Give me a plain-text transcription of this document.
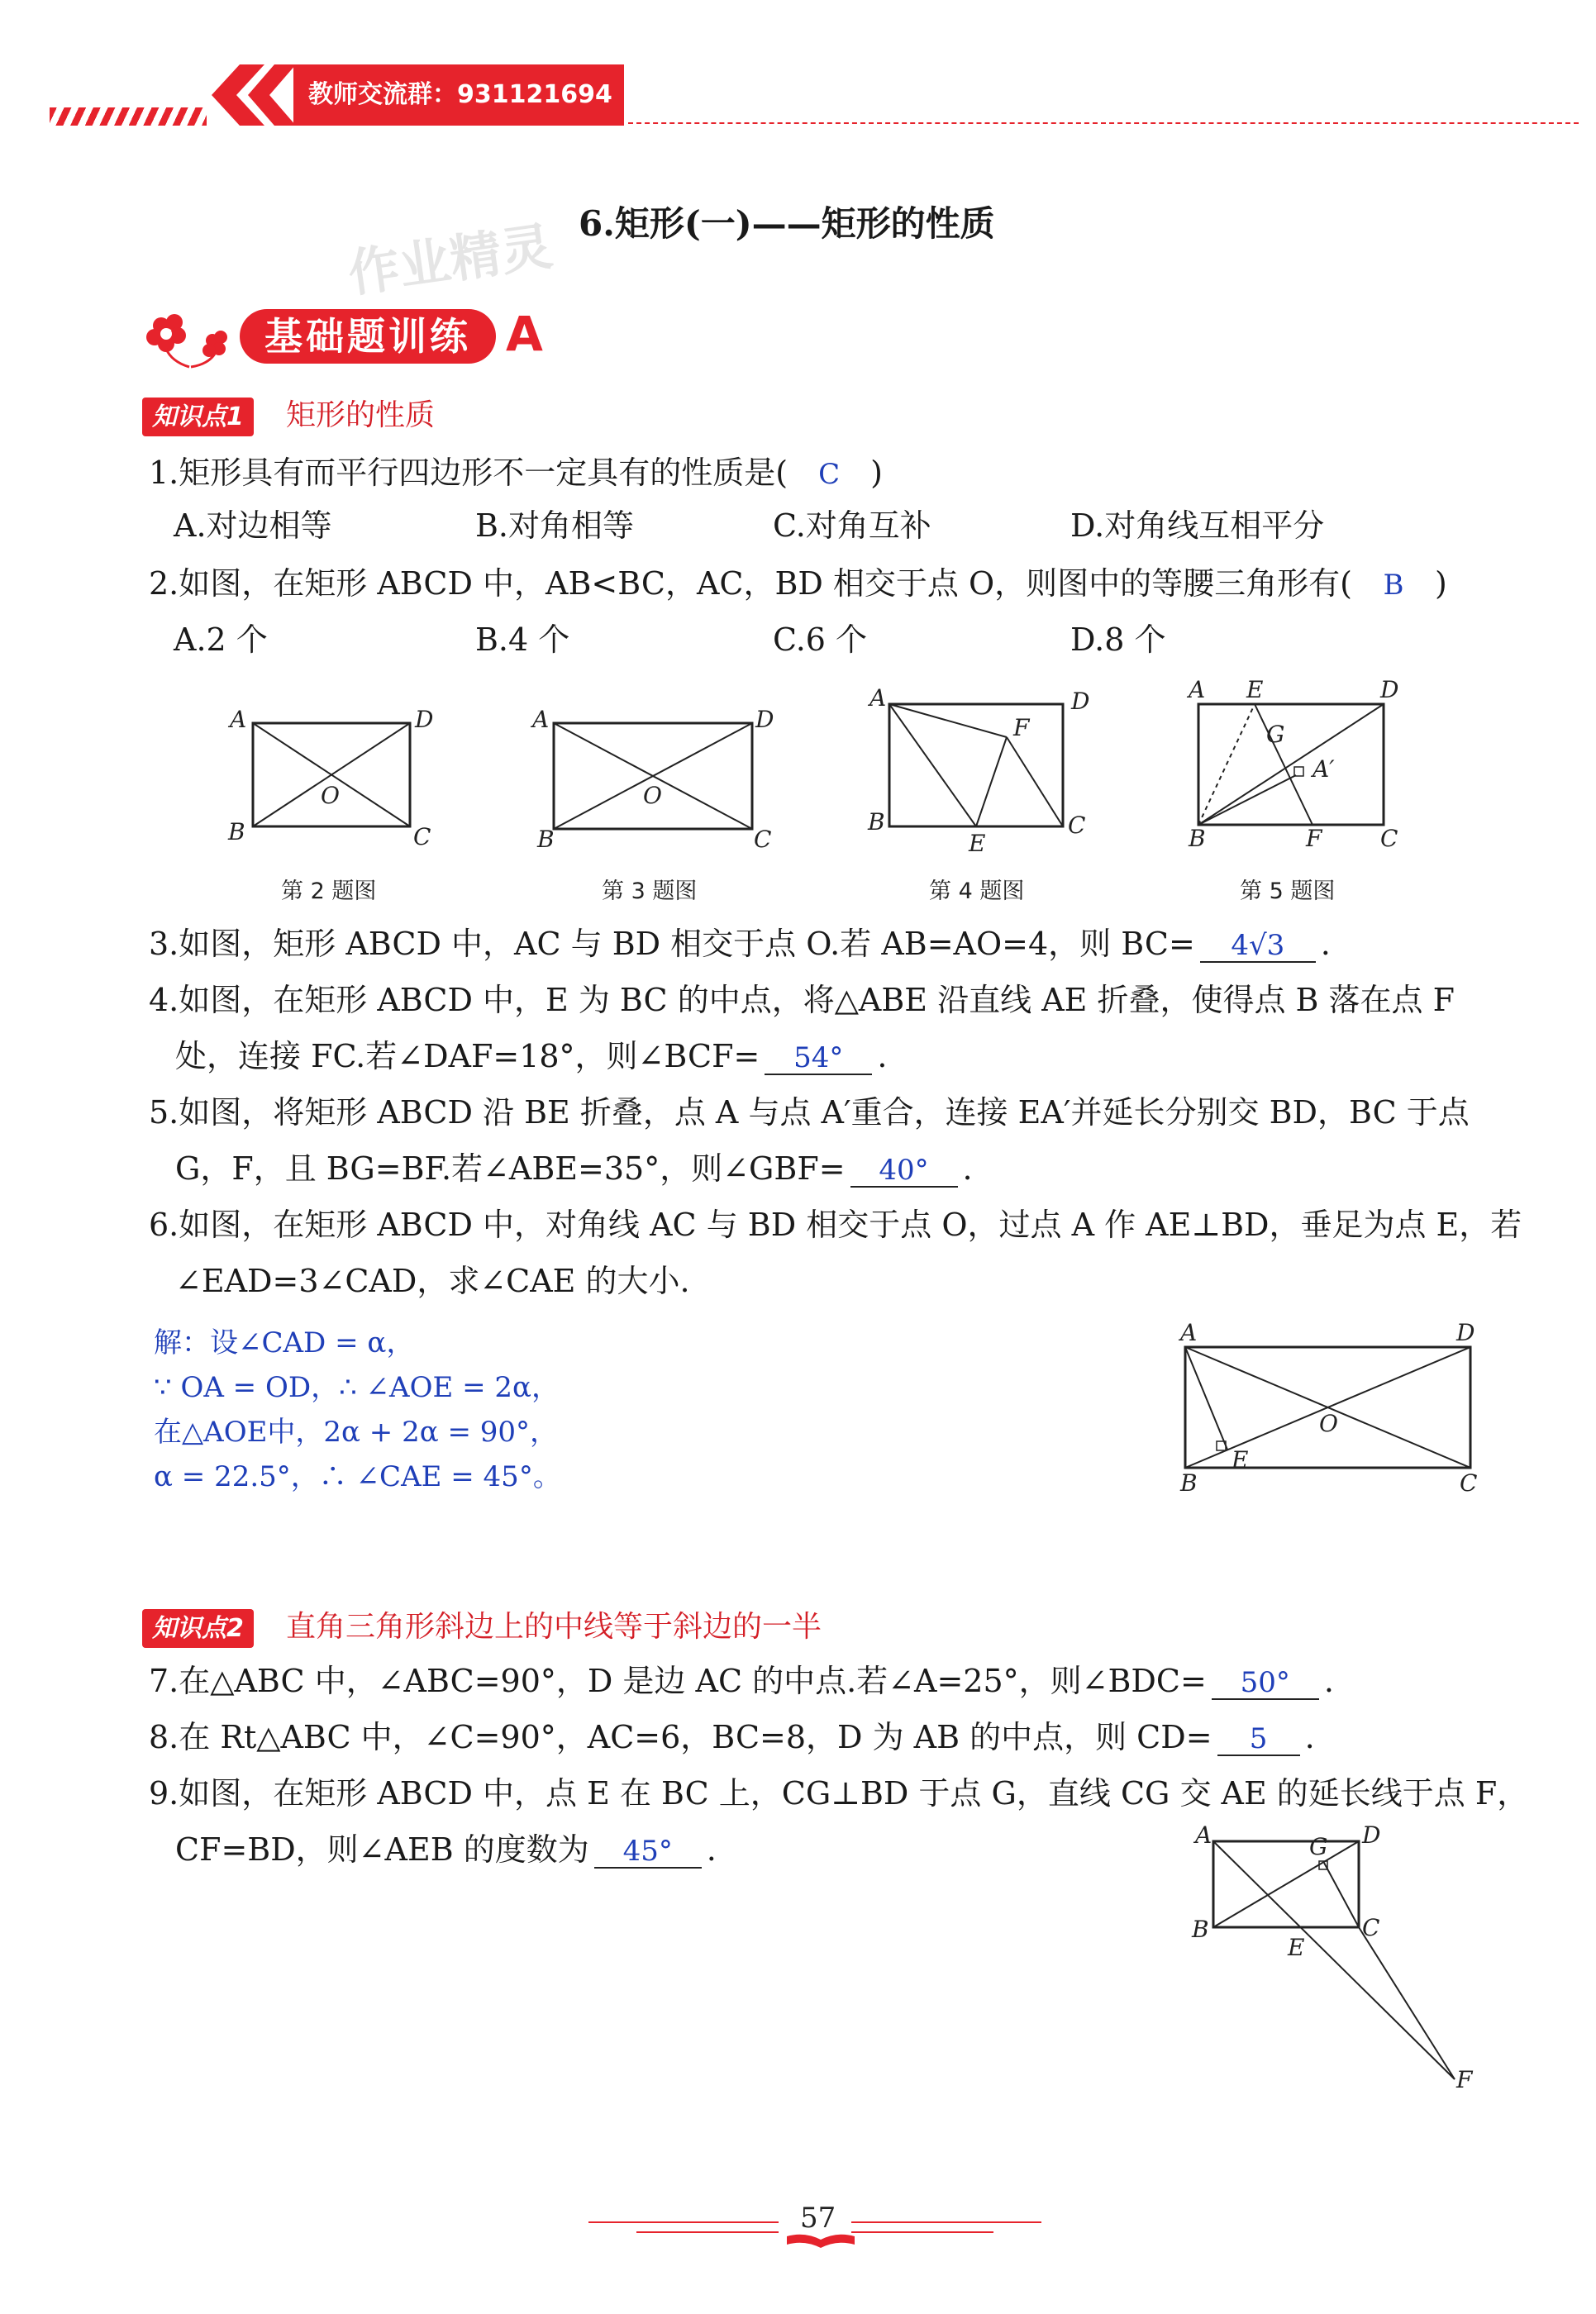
教师交流群：931121694
作业精灵 6.矩形(一)——矩形的性质
基础题训练 A
知识点1 矩形的性质
1.矩形具有而平行四边形不一定具有的性质是( C )
A.对边相等	B.对角相等	C.对角互补	D.对角线互相平分
2.如图，在矩形 ABCD 中，AB<BC，AC，BD 相交于点 O，则图中的等腰三角形有( B )
A.2 个	B.4 个	C.6 个	D.8 个
A	D
B	C
O
第 2 题图
A	D
B	C
O
第 3 题图
A	D
B	C
E
F
第 4 题图
A E	D
G
A′
B	F	C
第 5 题图
3.如图，矩形 ABCD 中，AC 与 BD 相交于点 O.若 AB=AO=4，则 BC= 4√3 .
4.如图，在矩形 ABCD 中，E 为 BC 的中点，将△ABE 沿直线 AE 折叠，使得点 B 落在点 F
处，连接 FC.若∠DAF=18°，则∠BCF= 54° .
5.如图，将矩形 ABCD 沿 BE 折叠，点 A 与点 A′重合，连接 EA′并延长分别交 BD，BC 于点
G，F，且 BG=BF.若∠ABE=35°，则∠GBF= 40° .
6.如图，在矩形 ABCD 中，对角线 AC 与 BD 相交于点 O，过点 A 作 AE⊥BD，垂足为点 E，若
∠EAD=3∠CAD，求∠CAE 的大小.
解：设∠CAD = α，
∵ OA = OD，∴ ∠AOE = 2α，
在△AOE中，2α + 2α = 90°，
α = 22.5°，∴ ∠CAE = 45°。
A	D
B	C
E
O
知识点2 直角三角形斜边上的中线等于斜边的一半
7.在△ABC 中，∠ABC=90°，D 是边 AC 的中点.若∠A=25°，则∠BDC= 50° .
8.在 Rt△ABC 中，∠C=90°，AC=6，BC=8，D 为 AB 的中点，则 CD= 5 .
9.如图，在矩形 ABCD 中，点 E 在 BC 上，CG⊥BD 于点 G，直线 CG 交 AE 的延长线于点 F，
CF=BD，则∠AEB 的度数为 45° .	A	D
G
B	C
E
F
57
